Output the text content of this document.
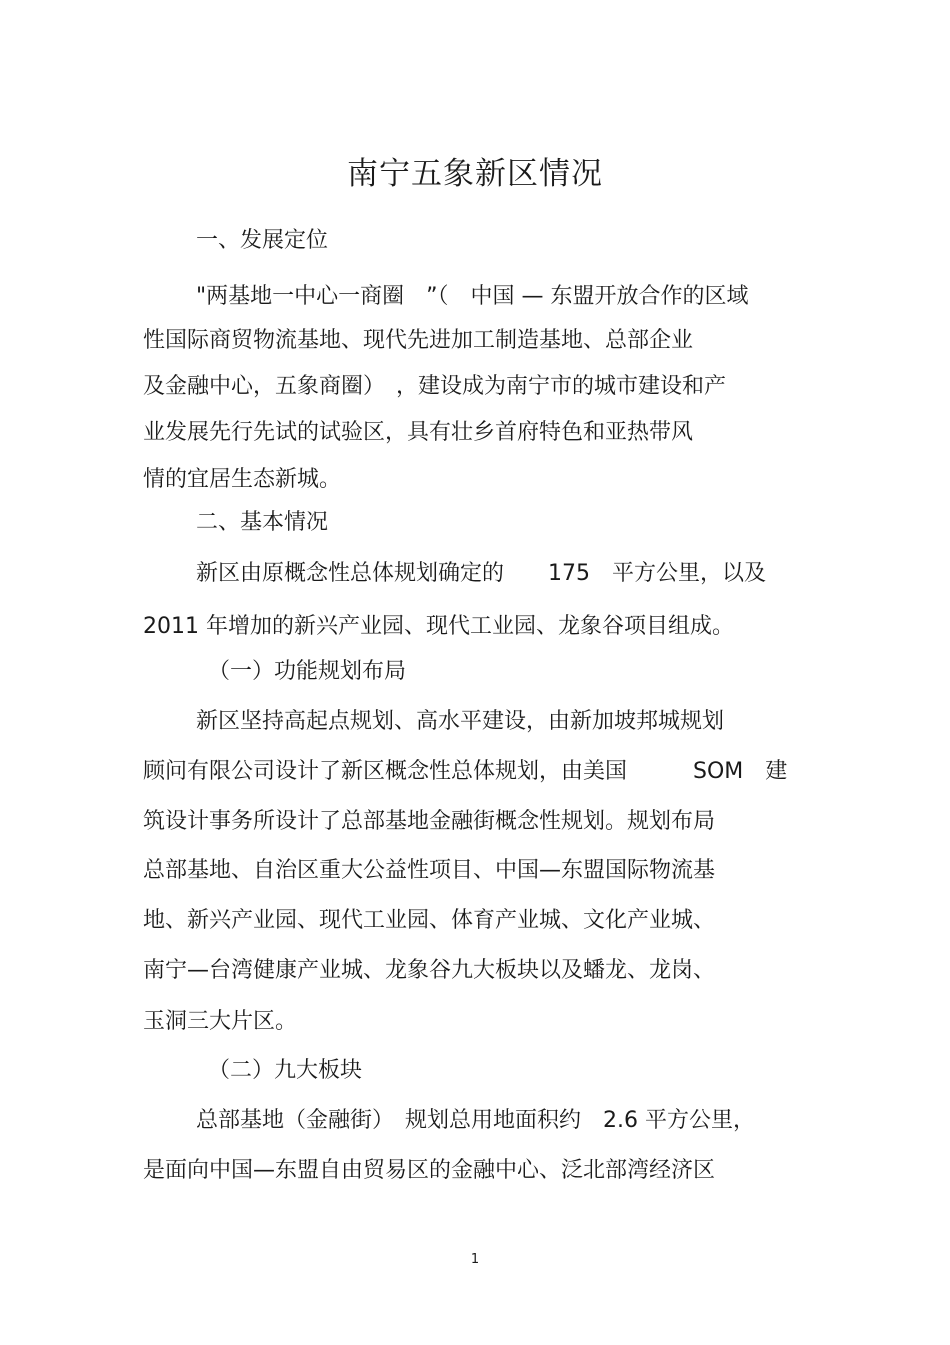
南宁五象新区情况
一、发展定位
"两基地一中心一商圈　”（　中国 — 东盟开放合作的区域
性国际商贸物流基地、现代先进加工制造基地、总部企业
及金融中心，五象商圈）　，建设成为南宁市的城市建设和产
业发展先行先试的试验区，具有壮乡首府特色和亚热带风
情的宜居生态新城。
二、基本情况
新区由原概念性总体规划确定的　　175　平方公里，以及
2011 年增加的新兴产业园、现代工业园、龙象谷项目组成。
（一）功能规划布局
新区坚持高起点规划、高水平建设，由新加坡邦城规划
顾问有限公司设计了新区概念性总体规划，由美国　　　SOM　建
筑设计事务所设计了总部基地金融街概念性规划。规划布局
总部基地、自治区重大公益性项目、中国—东盟国际物流基
地、新兴产业园、现代工业园、体育产业城、文化产业城、
南宁—台湾健康产业城、龙象谷九大板块以及蟠龙、龙岗、
玉洞三大片区。
（二）九大板块
总部基地（金融街）　规划总用地面积约　2.6 平方公里，
是面向中国—东盟自由贸易区的金融中心、泛北部湾经济区
1
